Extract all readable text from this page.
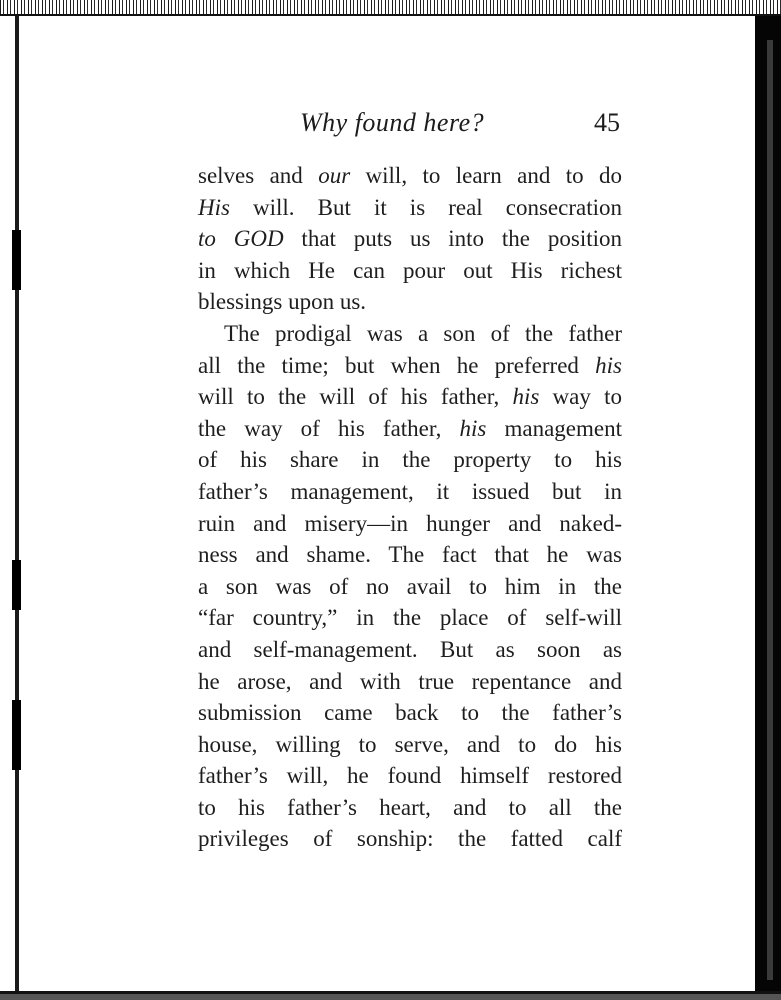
Why found here?	45
selves and our will, to learn and to do
His will. But it is real consecration
to GOD that puts us into the position
in which He can pour out His richest
blessings upon us.
The prodigal was a son of the father
all the time; but when he preferred his
will to the will of his father, his way to
the way of his father, his management
of his share in the property to his
father’s management, it issued but in
ruin and misery—in hunger and naked-
ness and shame. The fact that he was
a son was of no avail to him in the
“far country,” in the place of self-will
and self-management. But as soon as
he arose, and with true repentance and
submission came back to the father’s
house, willing to serve, and to do his
father’s will, he found himself restored
to his father’s heart, and to all the
privileges of sonship: the fatted calf
